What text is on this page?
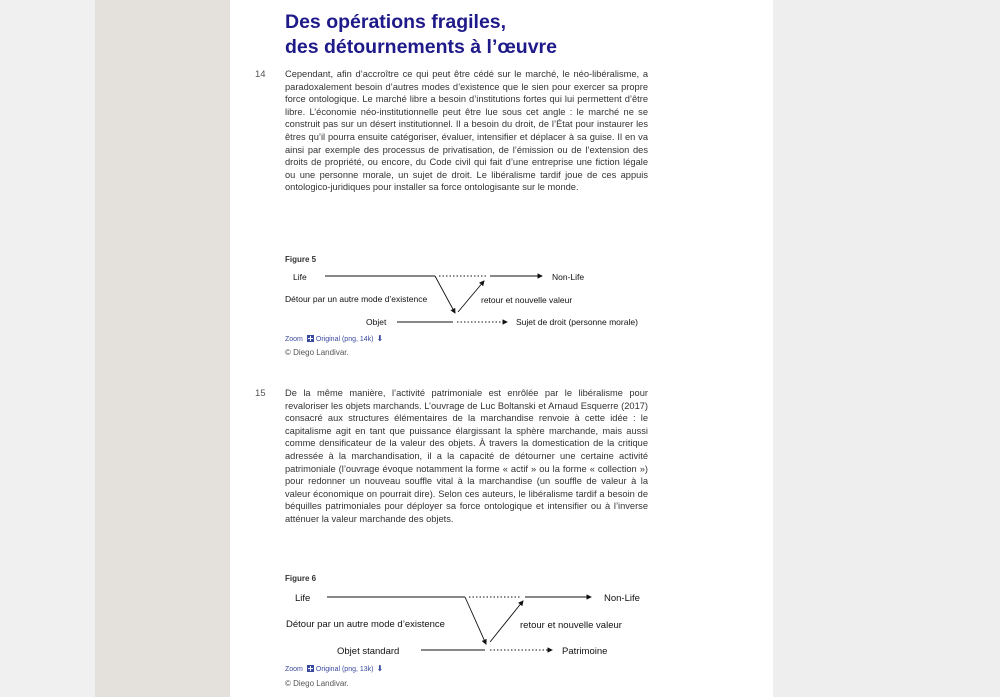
Des opérations fragiles,
des détournements à l’œuvre
14 Cependant, afin d’accroître ce qui peut être cédé sur le marché, le néo-libéralisme, a paradoxalement besoin d’autres modes d’existence que le sien pour exercer sa propre force ontologique. Le marché libre a besoin d’institutions fortes qui lui permettent d’être libre. L’économie néo-institutionnelle peut être lue sous cet angle : le marché ne se construit pas sur un désert institutionnel. Il a besoin du droit, de l’État pour instaurer les êtres qu’il pourra ensuite catégoriser, évaluer, intensifier et déplacer à sa guise. Il en va ainsi par exemple des processus de privatisation, de l’émission ou de l’extension des droits de propriété, ou encore, du Code civil qui fait d’une entreprise une fiction légale ou une personne morale, un sujet de droit. Le libéralisme tardif joue de ces appuis ontologico-juridiques pour installer sa force ontologisante sur le monde.

Figure 5
Life	Non-Life
Détour par un autre mode d’existence	retour et nouvelle valeur
Objet	Sujet de droit (personne morale)
Zoom Original (png, 14k) ⬇
© Diego Landivar.
15 De la même manière, l’activité patrimoniale est enrôlée par le libéralisme pour revaloriser les objets marchands. L’ouvrage de Luc Boltanski et Arnaud Esquerre (2017) consacré aux structures élémentaires de la marchandise renvoie à cette idée : le capitalisme agit en tant que puissance élargissant la sphère marchande, mais aussi comme densificateur de la valeur des objets. À travers la domestication de la critique adressée à la marchandisation, il a la capacité de détourner une certaine activité patrimoniale (l’ouvrage évoque notamment la forme « actif » ou la forme « collection ») pour redonner un nouveau souffle vital à la marchandise (un souffle de valeur à la valeur économique on pourrait dire). Selon ces auteurs, le libéralisme tardif a besoin de béquilles patrimoniales pour déployer sa force ontologique et intensifier ou à l’inverse atténuer la valeur marchande des objets.

Figure 6
Life	Non-Life
Détour par un autre mode d’existence	retour et nouvelle valeur
Objet standard	Patrimoine
Zoom Original (png, 13k) ⬇
© Diego Landivar.
